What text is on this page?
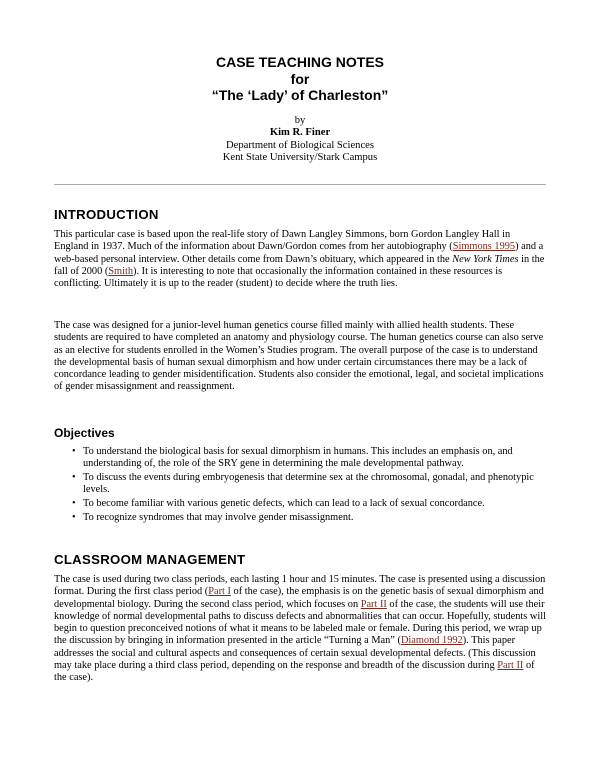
CASE TEACHING NOTES
for
“The ‘Lady’ of Charleston”
by
Kim R. Finer
Department of Biological Sciences
Kent State University/Stark Campus
INTRODUCTION

This particular case is based upon the real-life story of Dawn Langley Simmons, born Gordon Langley Hall in England in 1937. Much of the information about Dawn/Gordon comes from her autobiography (Simmons 1995) and a web-based personal interview. Other details come from Dawn’s obituary, which appeared in the New York Times in the fall of 2000 (Smith). It is interesting to note that occasionally the information contained in these resources is conflicting. Ultimately it is up to the reader (student) to decide where the truth lies.

The case was designed for a junior-level human genetics course filled mainly with allied health students. These students are required to have completed an anatomy and physiology course. The human genetics course can also serve as an elective for students enrolled in the Women’s Studies program. The overall purpose of the case is to understand the developmental basis of human sexual dimorphism and how under certain circumstances there may be a lack of concordance leading to gender misidentification. Students also consider the emotional, legal, and societal implications of gender misassignment and reassignment.

Objectives
• To understand the biological basis for sexual dimorphism in humans. This includes an emphasis on, and understanding of, the role of the SRY gene in determining the male developmental pathway.
• To discuss the events during embryogenesis that determine sex at the chromosomal, gonadal, and phenotypic levels.
• To become familiar with various genetic defects, which can lead to a lack of sexual concordance.
• To recognize syndromes that may involve gender misassignment.
CLASSROOM MANAGEMENT

The case is used during two class periods, each lasting 1 hour and 15 minutes. The case is presented using a discussion format. During the first class period (Part I of the case), the emphasis is on the genetic basis of sexual dimorphism and developmental biology. During the second class period, which focuses on Part II of the case, the students will use their knowledge of normal developmental paths to discuss defects and abnormalities that can occur. Hopefully, students will begin to question preconceived notions of what it means to be labeled male or female. During this period, we wrap up the discussion by bringing in information presented in the article “Turning a Man” (Diamond 1992). This paper addresses the social and cultural aspects and consequences of certain sexual developmental defects. (This discussion may take place during a third class period, depending on the response and breadth of the discussion during Part II of the case).
